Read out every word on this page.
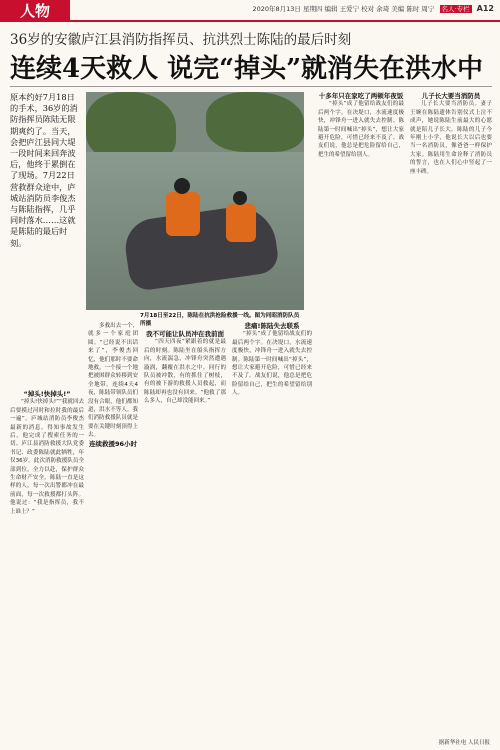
人物	2020年8月13日 星期四 编辑 王爱宁 校对 余琦 美编 陈时 周宁 名人·专栏 A12
36岁的安徽庐江县消防指挥员、抗洪烈士陈陆的最后时刻
连续4天救人 说完“掉头”就消失在洪水中
原本约好7月18日的手术，36岁的消防指挥员陈陆无限期爽约了。当天，会把庐江县同大堤一段时间来回奔波后，他终于累倒在了现场。7月22日营救群众途中，庐城站消防员李俊杰与陈陆指挥，几乎同时落水……这就是陈陆的最后时刻。
7月18日至22日，陈陆在抗洪抢险救援一线。图为同昭消防队员所摄

“掉头!快掉头!”

“掉头!快掉头!”“我就回去后要摸过河时和拉时我的最后一遍”，庐城站消防员李俊杰最新的消息。得知事故发生后，他完成了搜索任务的一切。庐江县消防救援大队党委书记、政委陈陆就此牺牲，年仅36岁。此次消防救援队员全部到位，全力以赴，保护群众生命财产安全。陈陆一直是这样的人，每一次出警都冲在最前面，每一次救援都打头阵。他说过：“我是指挥员，我不上谁上？”

多救出去一个，就多一个家庭团圆。“已经说不出话来了”，李俊杰回忆，他们那时不要命地救，一个接一个地把被困群众转移到安全地带。连续4天4夜，陈陆带领队员们没有合眼，他们都知道，洪水不等人。我们消防救援队员就是要在关键时刻顶得上去。

连续救援96小时

我不可能让队员冲在我前面

“四天四夜”紧跟着的就是最后的时刻。陈陆坐在船头指挥方向，水流湍急，冲锋舟突然遭遇漩涡，翻覆在洪水之中。同行的队员被冲散，有的抓住了树枝，有的被下游的救援人员救起，而陈陆却再也没有回来。“他救了那么多人，自己却没能回来。”

悲痛!陈陆失去联系

“掉头”成了他留给战友们的最后两个字。在决堤口，水流速度极快，冲锋舟一进入就失去控制。陈陆第一时间喊出“掉头”，想让大家避开危险，可惜已经来不及了。战友们说，他总是把危险留给自己，把生的希望留给别人。

十多年只在家吃了两顿年夜饭

“掉头”成了他留给战友们的最后两个字。在决堤口，水流速度极快，冲锋舟一进入就失去控制。陈陆第一时间喊出“掉头”，想让大家避开危险，可惜已经来不及了。战友们说，他总是把危险留给自己，把生的希望留给别人。

儿子长大要当消防员

儿子长大要当消防员。妻子王婉在陈陆遗体告别仪式上泣不成声，她说陈陆生前最大的心愿就是陪儿子长大。陈陆的儿子今年刚上小学，他说长大以后也要当一名消防员，像爸爸一样保护大家。陈陆用生命诠释了消防员的誓言，也在人们心中竖起了一座丰碑。

据新华社电 人民日报
